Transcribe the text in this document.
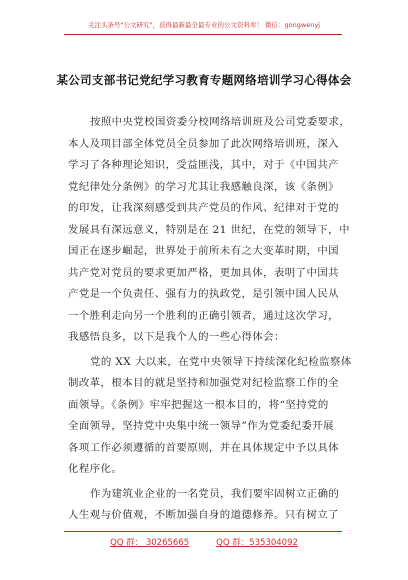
关注头条号"公文研究"，获得最新最全最专业的公文资料库！ 微信：gongwenyj
某公司支部书记党纪学习教育专题网络培训学习心得体会
按照中央党校国资委分校网络培训班及公司党委要求，
本人及项目部全体党员全员参加了此次网络培训班，深入
学习了各种理论知识，受益匪浅，其中，对于《中国共产
党纪律处分条例》的学习尤其让我感触良深，该《条例》
的印发，让我深刻感受到共产党员的作风、纪律对于党的
发展具有深远意义，特别是在 21 世纪，在党的领导下，中
国正在逐步崛起，世界处于前所未有之大变革时期，中国
共产党对党员的要求更加严格，更加具体，表明了中国共
产党是一个负责任、强有力的执政党，是引领中国人民从
一个胜利走向另一个胜利的正确引领者，通过这次学习，
我感悟良多，以下是我个人的一些心得体会：
党的 XX 大以来，在党中央领导下持续深化纪检监察体
制改革，根本目的就是坚持和加强党对纪检监察工作的全
面领导。《条例》牢牢把握这一根本目的，将“坚持党的
全面领导，坚持党中央集中统一领导”作为党委纪委开展
各项工作必须遵循的首要原则，并在具体规定中予以具体
化程序化。
作为建筑业企业的一名党员，我们要牢固树立正确的
人生观与价值观，不断加强自身的道德修养。只有树立了
QQ 群： 30265665	QQ 群：535304092
